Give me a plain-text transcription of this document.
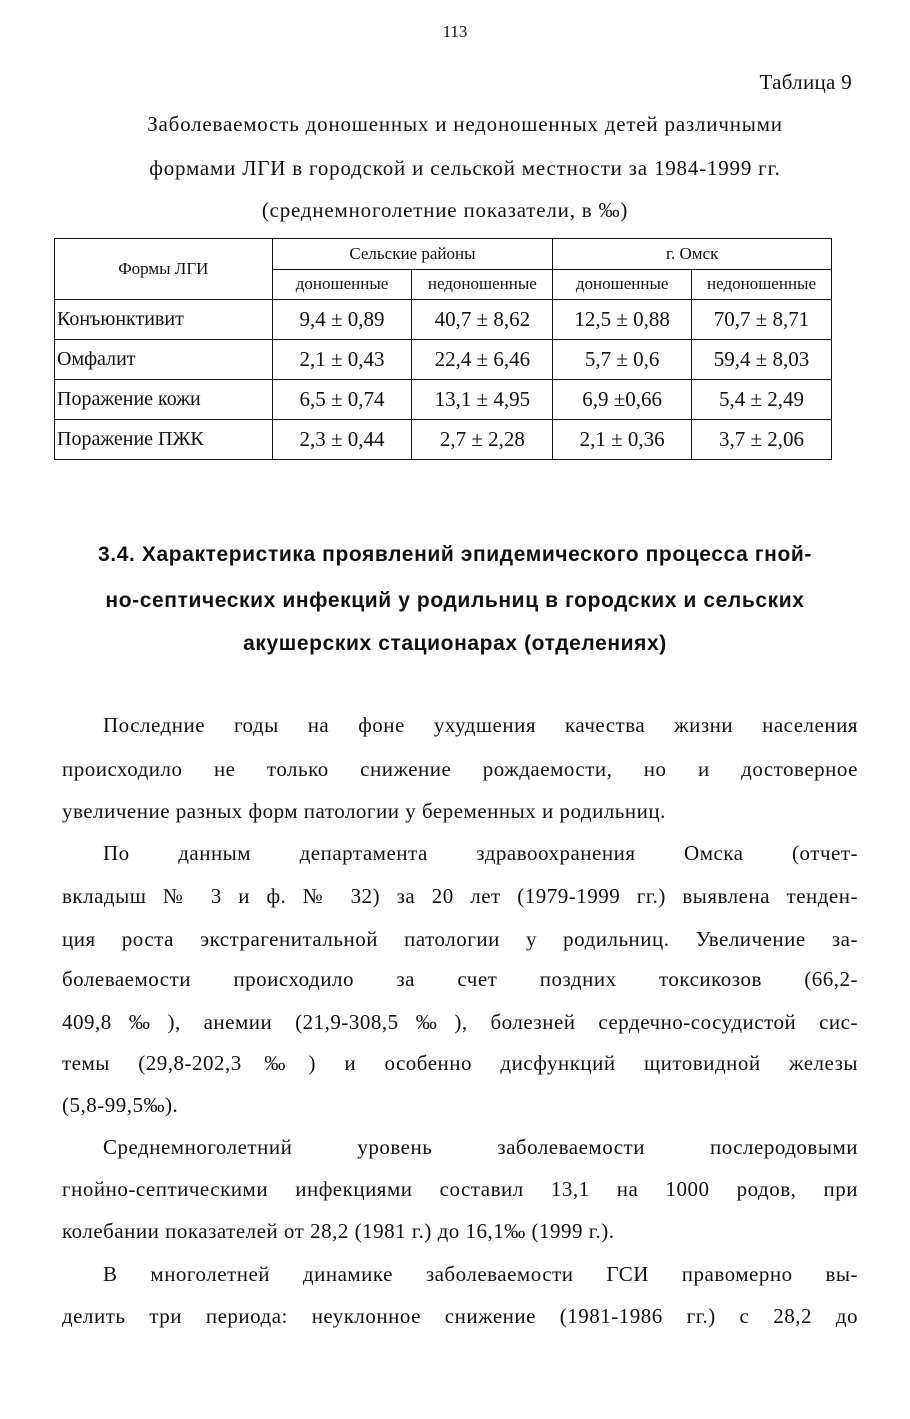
113
Таблица 9
Заболеваемость доношенных и недоношенных детей различными
формами ЛГИ в городской и сельской местности за 1984-1999 гг.
(среднемноголетние показатели, в ‰)
Формы ЛГИ	Сельские районы		г. Омск	
	доношенные	недоношенные	доношенные	недоношенные
Конъюнктивит	9,4 ± 0,89	40,7 ± 8,62	12,5 ± 0,88	70,7 ± 8,71
Омфалит	2,1 ± 0,43	22,4 ± 6,46	5,7 ± 0,6	59,4 ± 8,03
Поражение кожи	6,5 ± 0,74	13,1 ± 4,95	6,9 ±0,66	5,4 ± 2,49
Поражение ПЖК	2,3 ± 0,44	2,7 ± 2,28	2,1 ± 0,36	3,7 ± 2,06
3.4. Характеристика проявлений эпидемического процесса гной-
но-септических инфекций у родильниц в городских и сельских
акушерских стационарах (отделениях)
Последние годы на фоне ухудшения качества жизни населения
происходило не только снижение рождаемости, но и достоверное
увеличение разных форм патологии у беременных и родильниц.
По данным департамента здравоохранения Омска (отчет-
вкладыш № 3 и ф. № 32) за 20 лет (1979-1999 гг.) выявлена тенден-
ция роста экстрагенитальной патологии у родильниц. Увеличение за-
болеваемости происходило за счет поздних токсикозов (66,2-
409,8‰), анемии (21,9-308,5‰), болезней сердечно-сосудистой сис-
темы (29,8-202,3‰) и особенно дисфункций щитовидной железы
(5,8-99,5‰).
Среднемноголетний уровень заболеваемости послеродовыми
гнойно-септическими инфекциями составил 13,1 на 1000 родов, при
колебании показателей от 28,2 (1981 г.) до 16,1‰ (1999 г.).
В многолетней динамике заболеваемости ГСИ правомерно вы-
делить три периода: неуклонное снижение (1981-1986 гг.) с 28,2 до
